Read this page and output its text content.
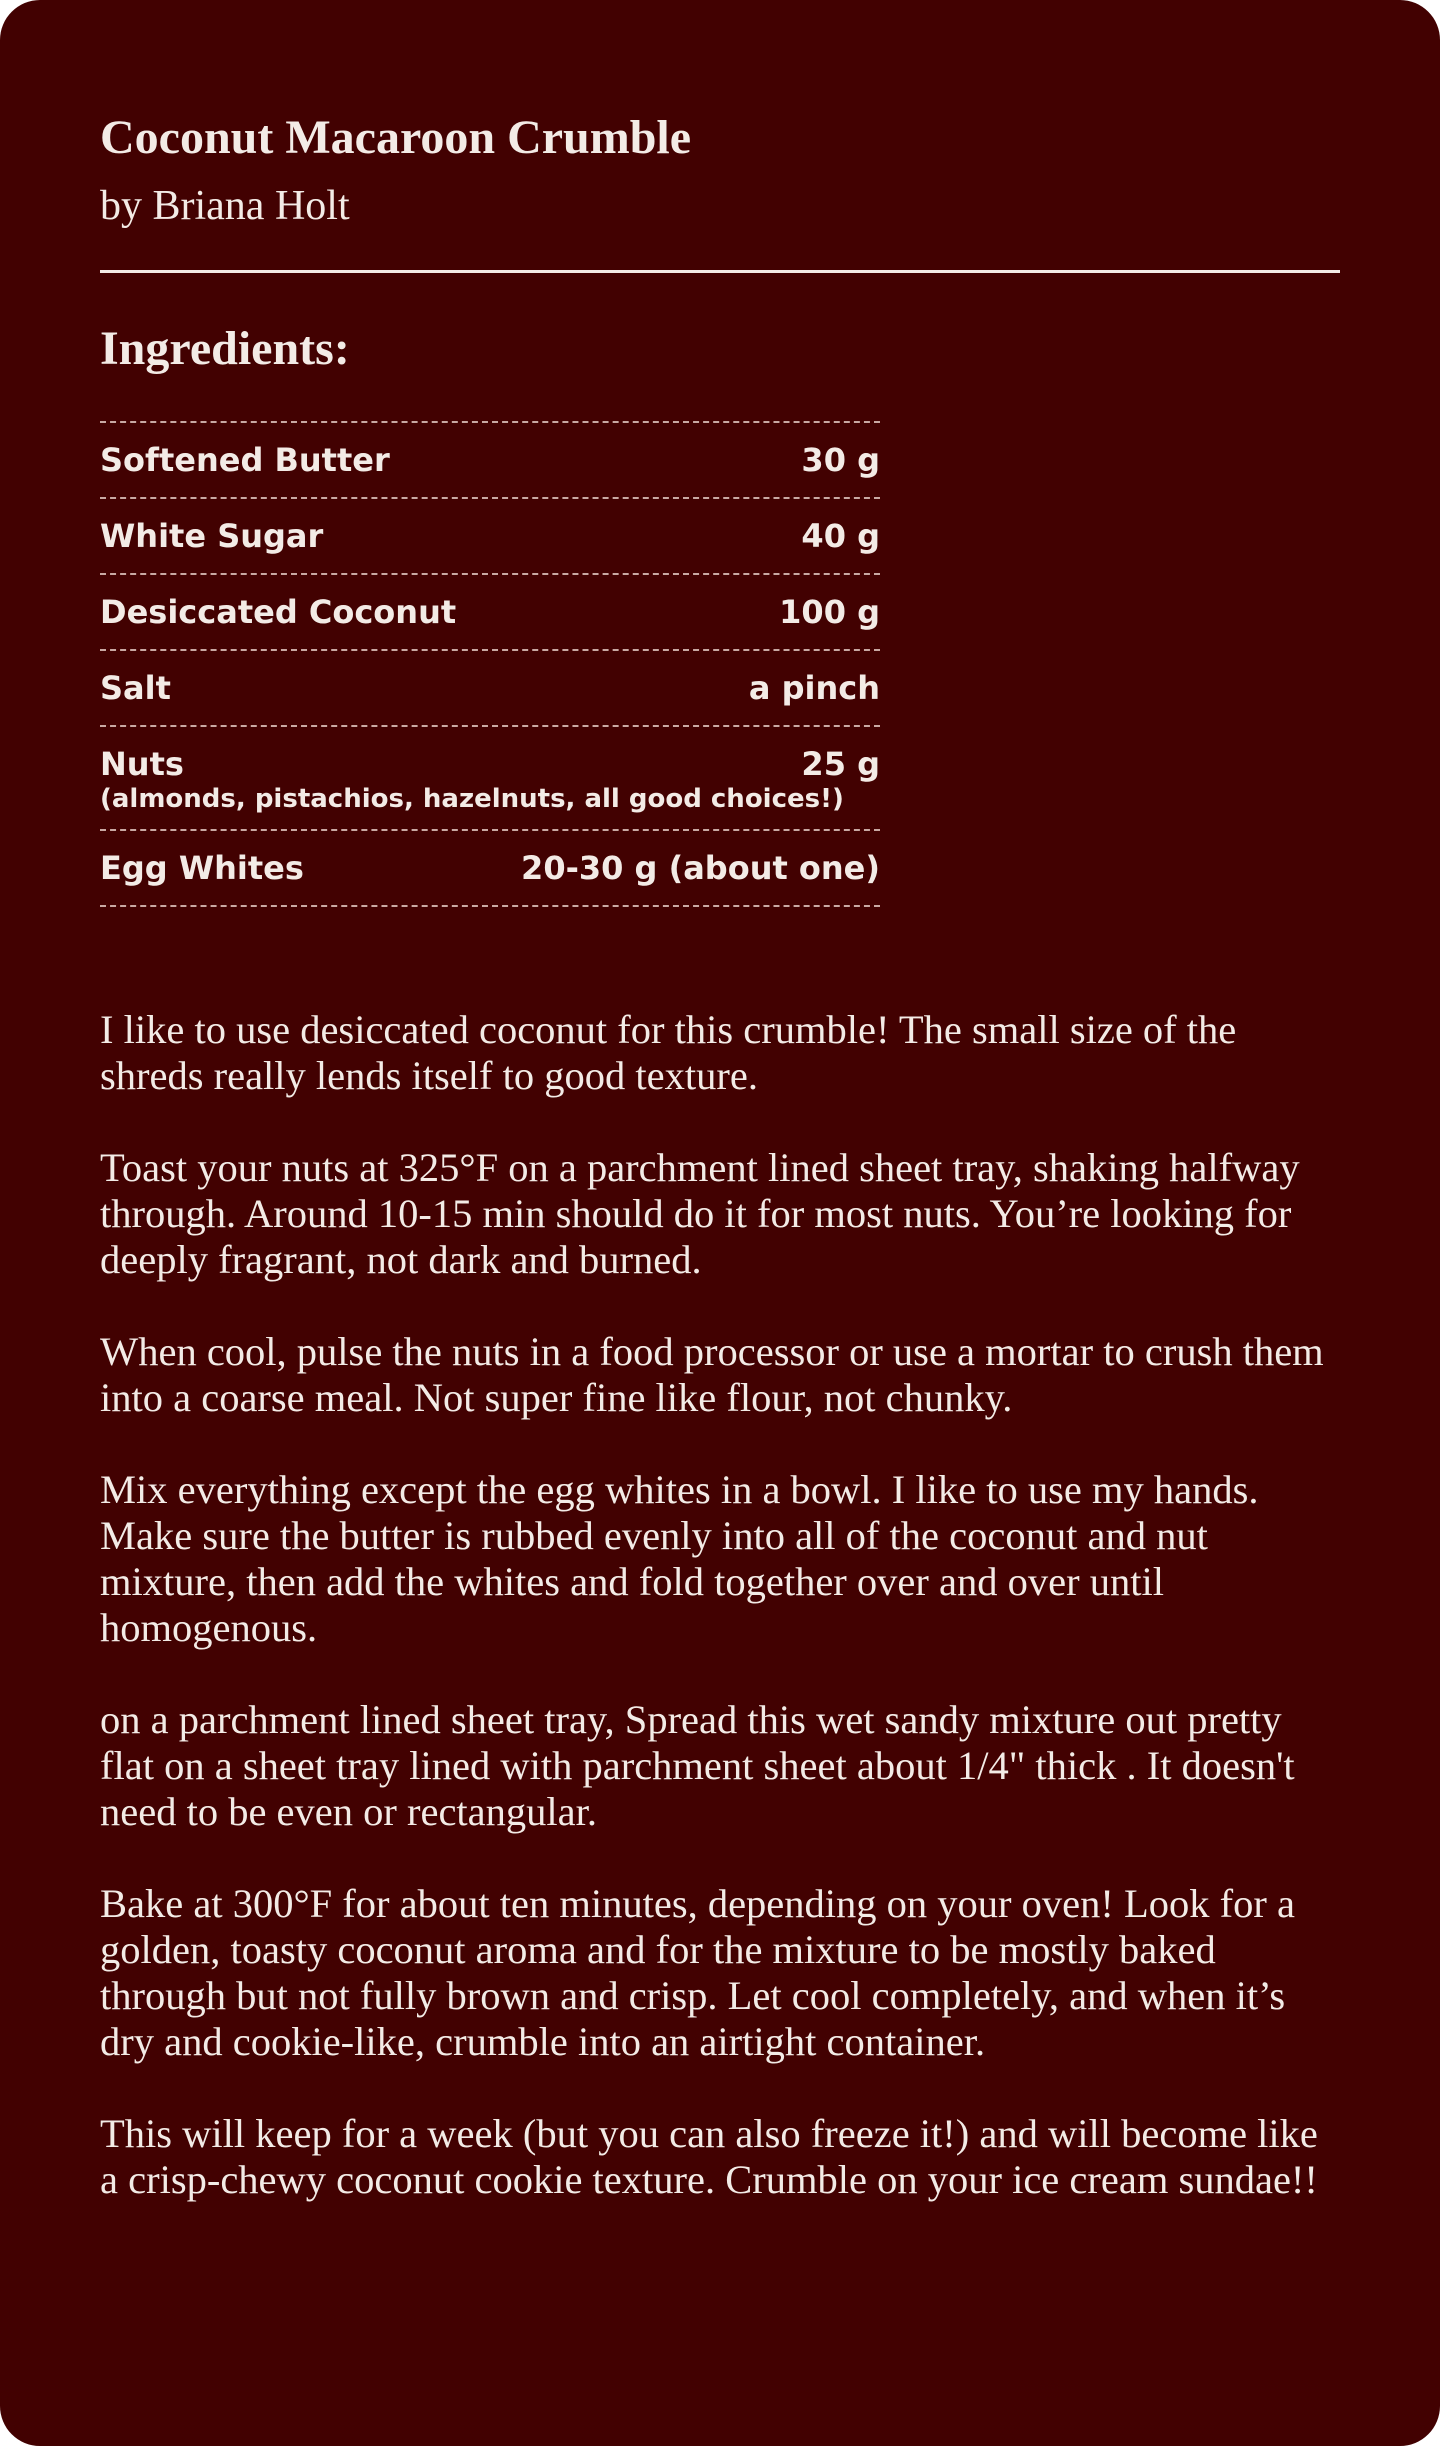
Coconut Macaroon Crumble
by Briana Holt
Ingredients:
Softened Butter	30 g
White Sugar	40 g
Desiccated Coconut	100 g
Salt	a pinch
Nuts	25 g
(almonds, pistachios, hazelnuts, all good choices!)
Egg Whites	20-30 g (about one)

I like to use desiccated coconut for this crumble! The small size of the shreds really lends itself to good texture.

Toast your nuts at 325°F on a parchment lined sheet tray, shaking halfway through. Around 10-15 min should do it for most nuts. You’re looking for deeply fragrant, not dark and burned.

When cool, pulse the nuts in a food processor or use a mortar to crush them into a coarse meal. Not super fine like flour, not chunky.

Mix everything except the egg whites in a bowl. I like to use my hands. Make sure the butter is rubbed evenly into all of the coconut and nut mixture, then add the whites and fold together over and over until homogenous.

on a parchment lined sheet tray, Spread this wet sandy mixture out pretty flat on a sheet tray lined with parchment sheet about 1/4" thick . It doesn't need to be even or rectangular.

Bake at 300°F for about ten minutes, depending on your oven! Look for a golden, toasty coconut aroma and for the mixture to be mostly baked through but not fully brown and crisp. Let cool completely, and when it’s dry and cookie-like, crumble into an airtight container.

This will keep for a week (but you can also freeze it!) and will become like a crisp-chewy coconut cookie texture. Crumble on your ice cream sundae!!
